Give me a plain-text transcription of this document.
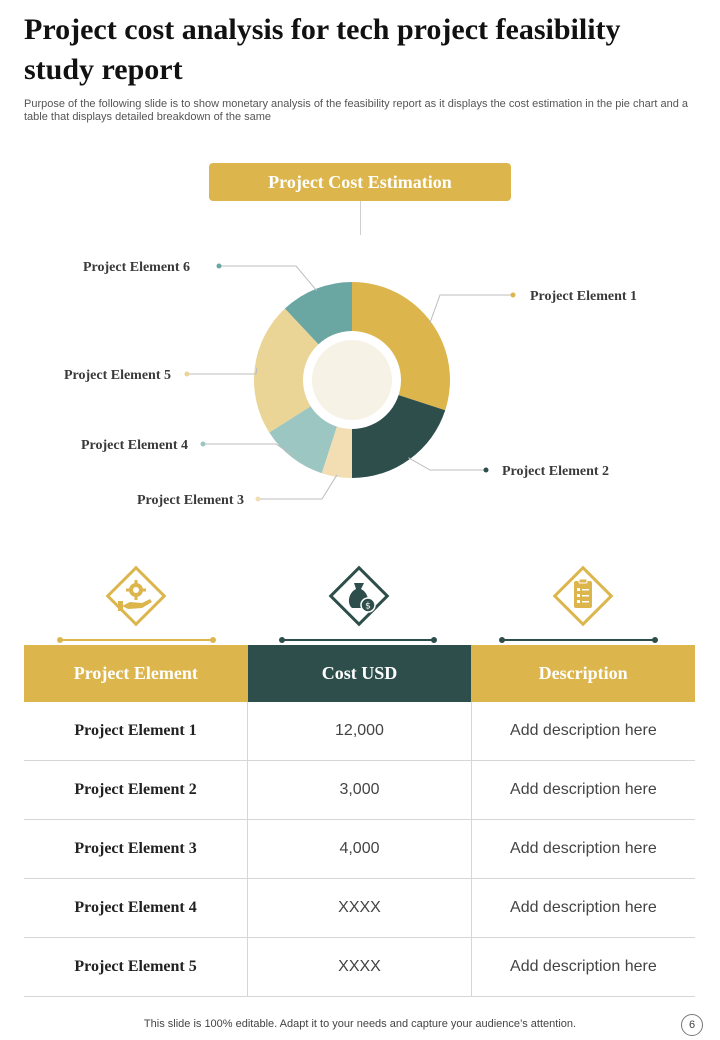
Project cost analysis for tech project feasibility study report

Purpose of the following slide is to show monetary analysis of the feasibility report as it displays the cost estimation in the pie chart and a table that displays detailed breakdown of the same

Project Cost Estimation
Project Element 1
Project Element 2
Project Element 3
Project Element 4
Project Element 5
Project Element 6
$
Project Element	Cost USD	Description
Project Element 1	12,000	Add description here
Project Element 2	3,000	Add description here
Project Element 3	4,000	Add description here
Project Element 4	XXXX	Add description here
Project Element 5	XXXX	Add description here
This slide is 100% editable. Adapt it to your needs and capture your audience’s attention.	6
